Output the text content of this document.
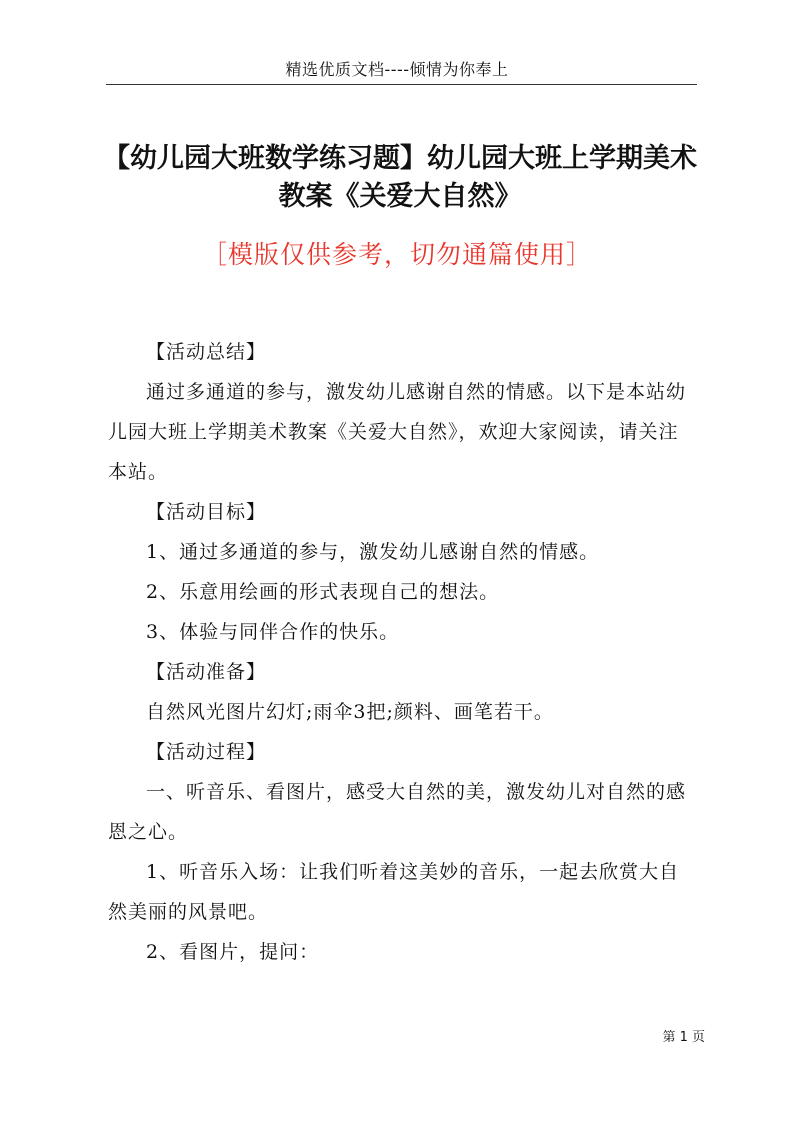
精选优质文档----倾情为你奉上
【幼儿园大班数学练习题】幼儿园大班上学期美术教案《关爱大自然》
［模版仅供参考，切勿通篇使用］

【活动总结】

通过多通道的参与，激发幼儿感谢自然的情感。以下是本站幼儿园大班上学期美术教案《关爱大自然》，欢迎大家阅读，请关注本站。

【活动目标】

1、通过多通道的参与，激发幼儿感谢自然的情感。

2、乐意用绘画的形式表现自己的想法。

3、体验与同伴合作的快乐。

【活动准备】

自然风光图片幻灯;雨伞3把;颜料、画笔若干。

【活动过程】

一、听音乐、看图片，感受大自然的美，激发幼儿对自然的感恩之心。

1、听音乐入场：让我们听着这美妙的音乐，一起去欣赏大自然美丽的风景吧。

2、看图片，提问：

第 1 页
